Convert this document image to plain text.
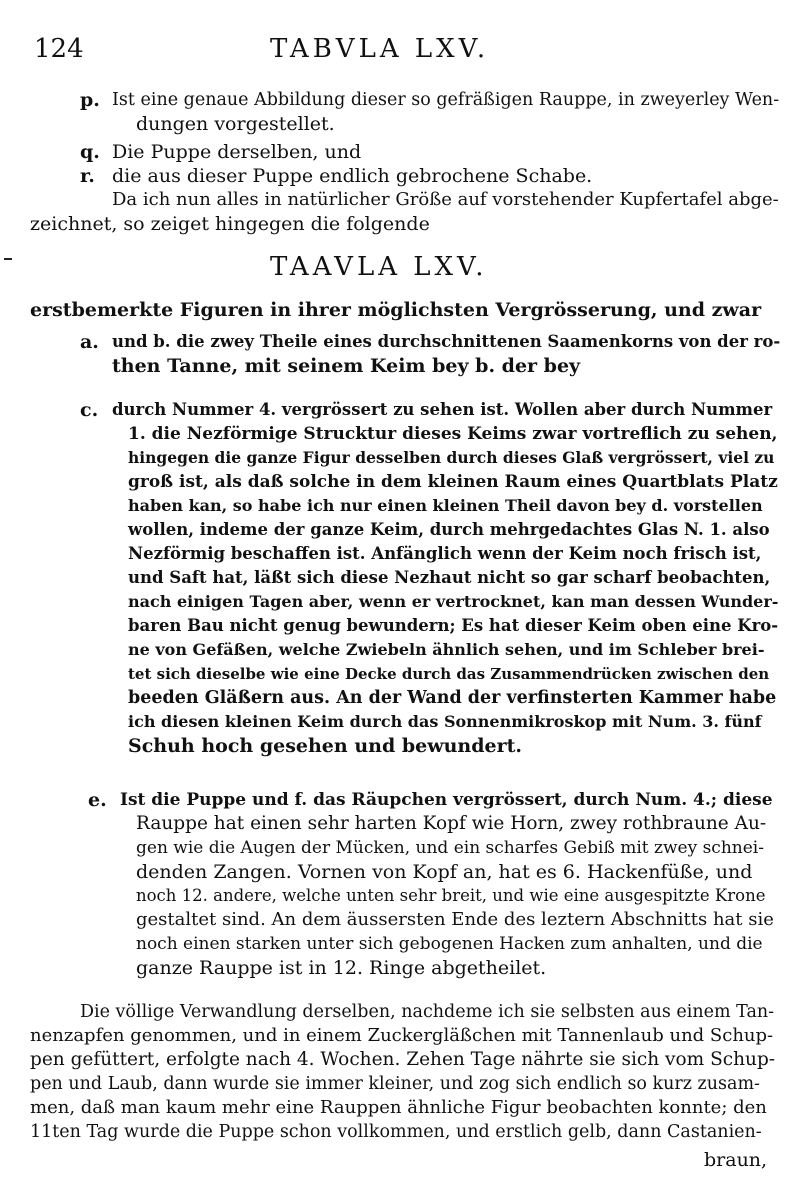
124	TABVLA LXV.
p. Ist eine genaue Abbildung dieser so gefräßigen Rauppe, in zweyerley Wen-
dungen vorgestellet.
q. Die Puppe derselben, und
r. die aus dieser Puppe endlich gebrochene Schabe.
Da ich nun alles in natürlicher Größe auf vorstehender Kupfertafel abge-
zeichnet, so zeiget hingegen die folgende
TAAVLA LXV.
erstbemerkte Figuren in ihrer möglichsten Vergrösserung, und zwar
a. und b. die zwey Theile eines durchschnittenen Saamenkorns von der ro-
then Tanne, mit seinem Keim bey b. der bey
c. durch Nummer 4. vergrössert zu sehen ist. Wollen aber durch Nummer
1. die Nezförmige Strucktur dieses Keims zwar vortreflich zu sehen,
hingegen die ganze Figur desselben durch dieses Glaß vergrössert, viel zu
groß ist, als daß solche in dem kleinen Raum eines Quartblats Platz
haben kan, so habe ich nur einen kleinen Theil davon bey d. vorstellen
wollen, indeme der ganze Keim, durch mehrgedachtes Glas N. 1. also
Nezförmig beschaffen ist. Anfänglich wenn der Keim noch frisch ist,
und Saft hat, läßt sich diese Nezhaut nicht so gar scharf beobachten,
nach einigen Tagen aber, wenn er vertrocknet, kan man dessen Wunder-
baren Bau nicht genug bewundern; Es hat dieser Keim oben eine Kro-
ne von Gefäßen, welche Zwiebeln ähnlich sehen, und im Schleber brei-
tet sich dieselbe wie eine Decke durch das Zusammendrücken zwischen den
beeden Gläßern aus. An der Wand der verfinsterten Kammer habe
ich diesen kleinen Keim durch das Sonnenmikroskop mit Num. 3. fünf
Schuh hoch gesehen und bewundert.
e. Ist die Puppe und f. das Räupchen vergrössert, durch Num. 4.; diese
Rauppe hat einen sehr harten Kopf wie Horn, zwey rothbraune Au-
gen wie die Augen der Mücken, und ein scharfes Gebiß mit zwey schnei-
denden Zangen. Vornen von Kopf an, hat es 6. Hackenfüße, und
noch 12. andere, welche unten sehr breit, und wie eine ausgespitzte Krone
gestaltet sind. An dem äussersten Ende des leztern Abschnitts hat sie
noch einen starken unter sich gebogenen Hacken zum anhalten, und die
ganze Rauppe ist in 12. Ringe abgetheilet.
Die völlige Verwandlung derselben, nachdeme ich sie selbsten aus einem Tan-
nenzapfen genommen, und in einem Zuckergläßchen mit Tannenlaub und Schup-
pen gefüttert, erfolgte nach 4. Wochen. Zehen Tage nährte sie sich vom Schup-
pen und Laub, dann wurde sie immer kleiner, und zog sich endlich so kurz zusam-
men, daß man kaum mehr eine Rauppen ähnliche Figur beobachten konnte; den
11ten Tag wurde die Puppe schon vollkommen, und erstlich gelb, dann Castanien-
braun,
